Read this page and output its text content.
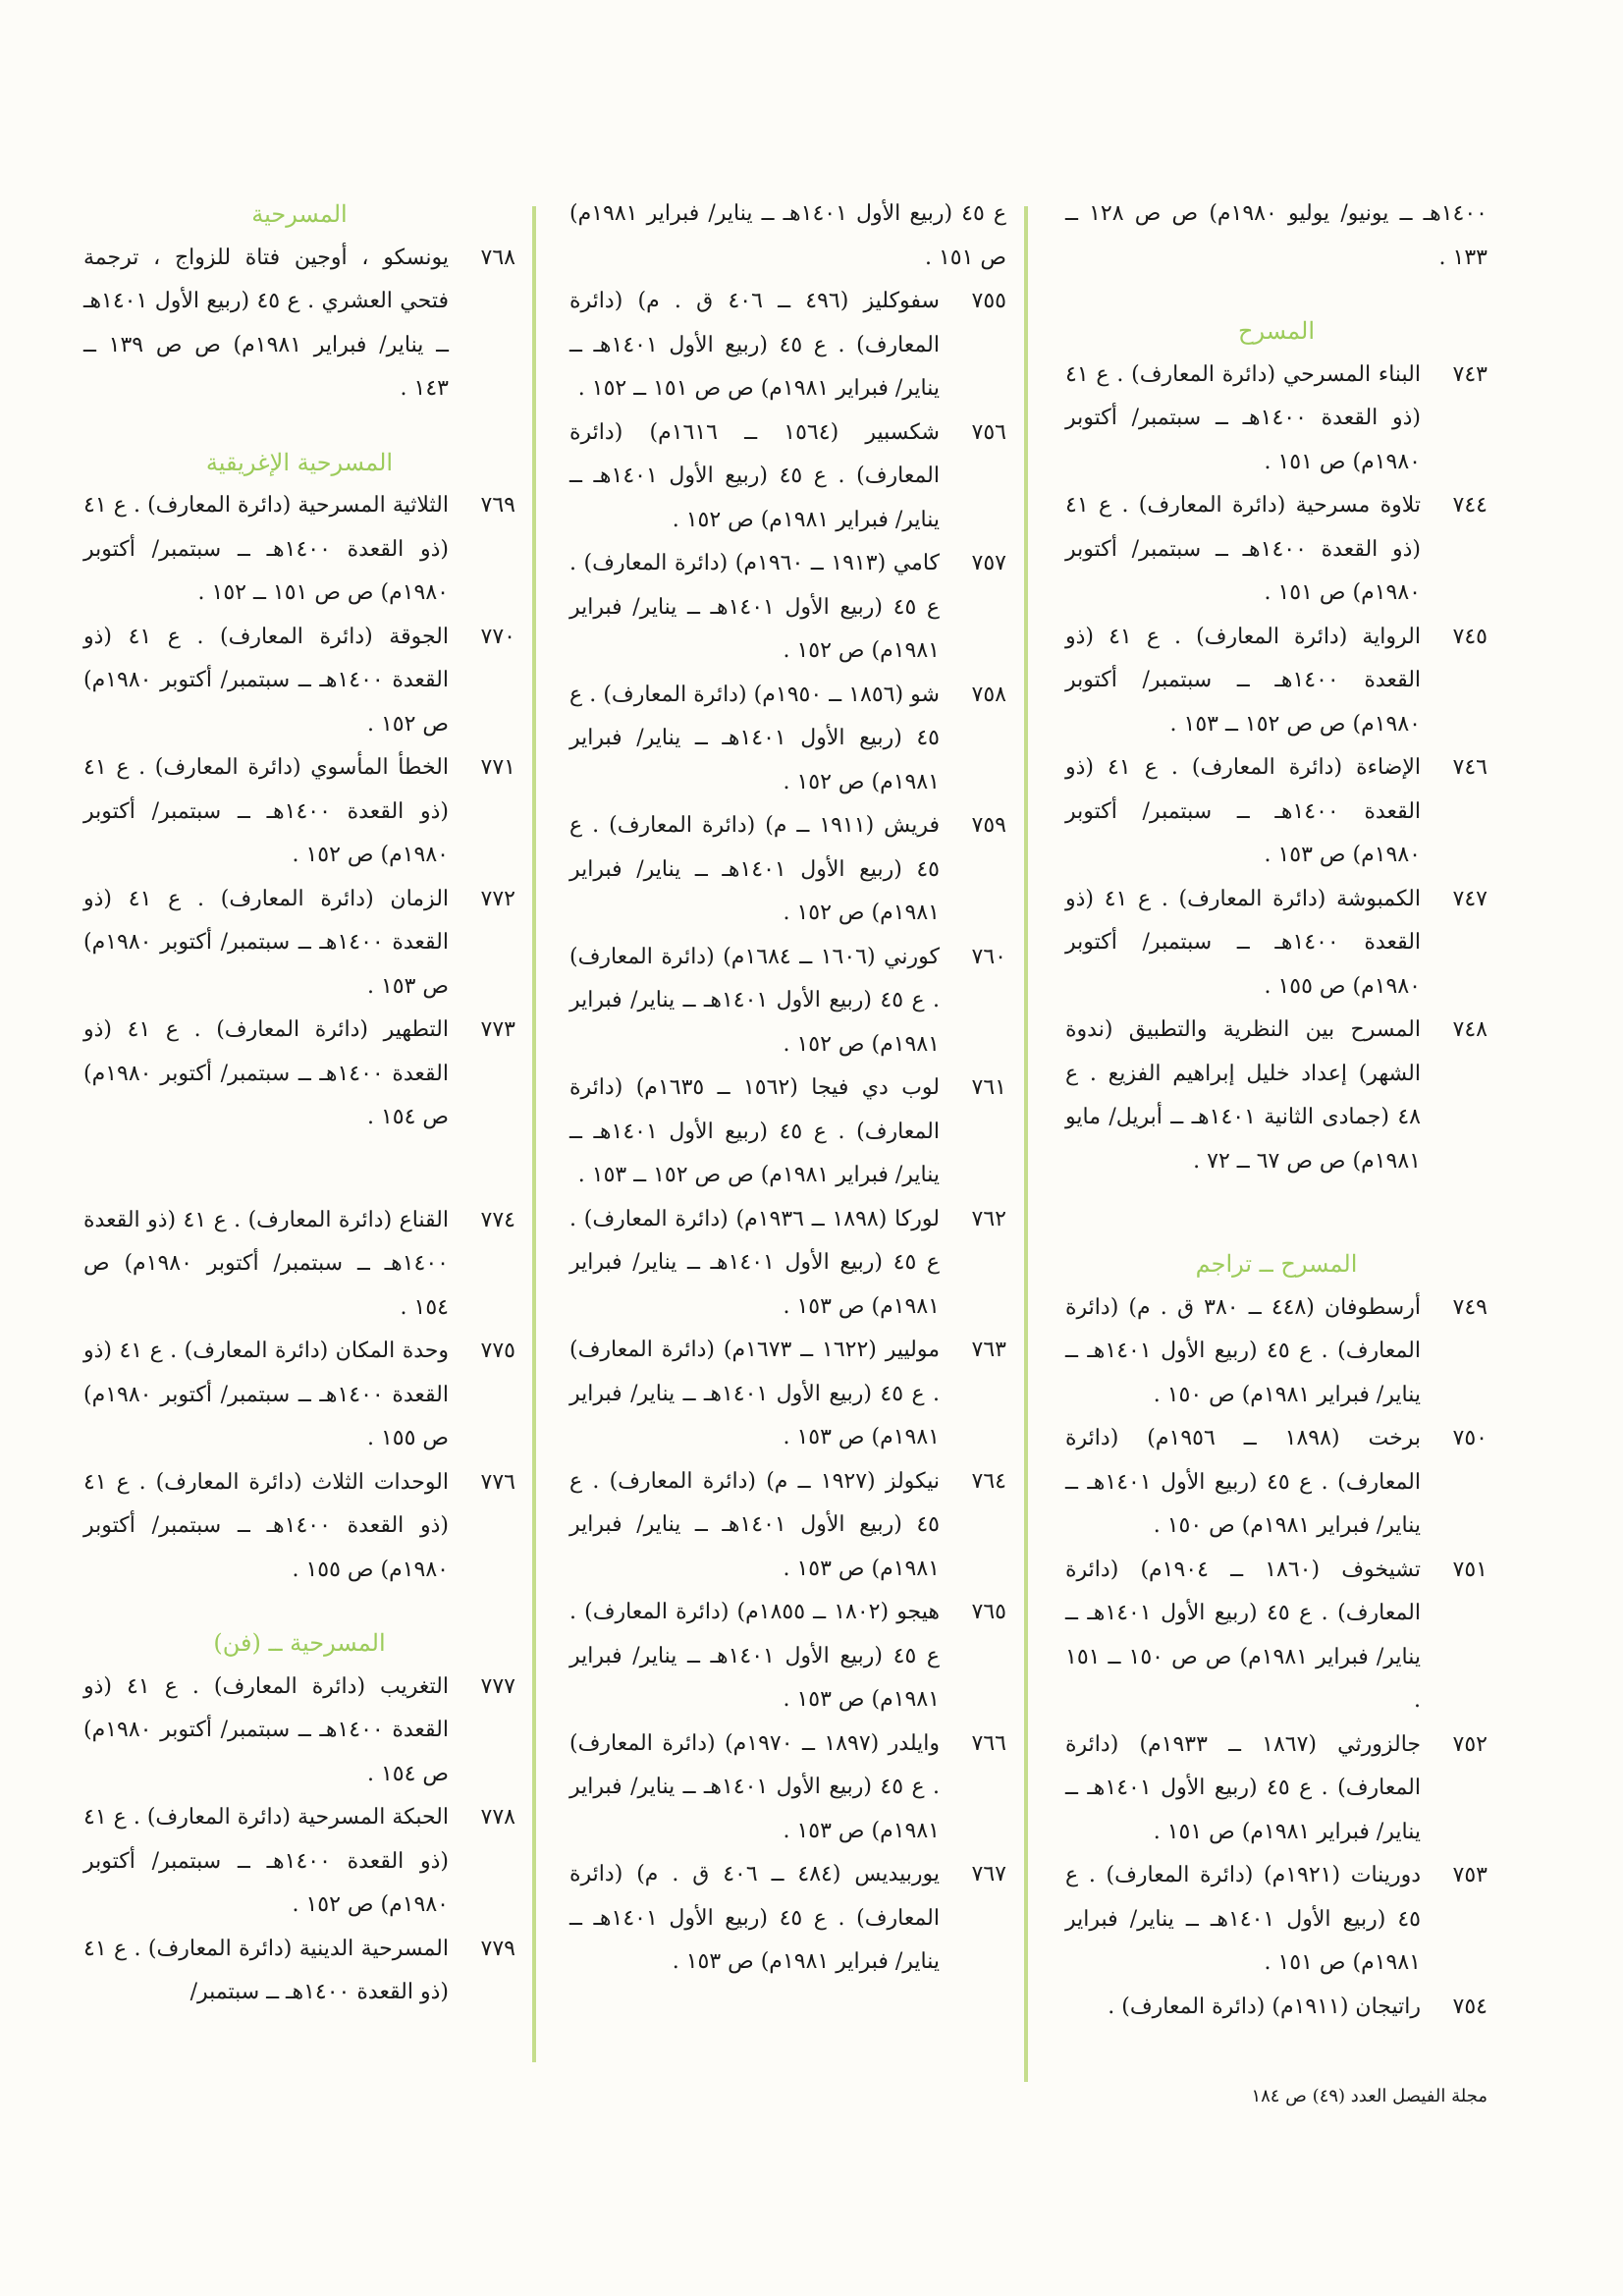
١٤٠٠هـ ــ يونيو/ يوليو ١٩٨٠م) ص ص ١٢٨ ــ ١٣٣ .
المسرح
٧٤٣
البناء المسرحي (دائرة المعارف) . ع ٤١ (ذو القعدة ١٤٠٠هـ ــ سبتمبر/ أكتوبر ١٩٨٠م) ص ١٥١ .
٧٤٤
تلاوة مسرحية (دائرة المعارف) . ع ٤١ (ذو القعدة ١٤٠٠هـ ــ سبتمبر/ أكتوبر ١٩٨٠م) ص ١٥١ .
٧٤٥
الرواية (دائرة المعارف) . ع ٤١ (ذو القعدة ١٤٠٠هـ ــ سبتمبر/ أكتوبر ١٩٨٠م) ص ص ١٥٢ ــ ١٥٣ .
٧٤٦
الإضاءة (دائرة المعارف) . ع ٤١ (ذو القعدة ١٤٠٠هـ ــ سبتمبر/ أكتوبر ١٩٨٠م) ص ١٥٣ .
٧٤٧
الكمبوشة (دائرة المعارف) . ع ٤١ (ذو القعدة ١٤٠٠هـ ــ سبتمبر/ أكتوبر ١٩٨٠م) ص ١٥٥ .
٧٤٨
المسرح بين النظرية والتطبيق (ندوة الشهر) إعداد خليل إبراهيم الفزيع . ع ٤٨ (جمادى الثانية ١٤٠١هـ ــ أبريل/ مايو ١٩٨١م) ص ص ٦٧ ــ ٧٢ .
المسرح ــ تراجم
٧٤٩
أرسطوفان (٤٤٨ ــ ٣٨٠ ق . م) (دائرة المعارف) . ع ٤٥ (ربيع الأول ١٤٠١هـ ــ يناير/ فبراير ١٩٨١م) ص ١٥٠ .
٧٥٠
برخت (١٨٩٨ ــ ١٩٥٦م) (دائرة المعارف) . ع ٤٥ (ربيع الأول ١٤٠١هـ ــ يناير/ فبراير ١٩٨١م) ص ١٥٠ .
٧٥١
تشيخوف (١٨٦٠ ــ ١٩٠٤م) (دائرة المعارف) . ع ٤٥ (ربيع الأول ١٤٠١هـ ــ يناير/ فبراير ١٩٨١م) ص ص ١٥٠ ــ ١٥١ .
٧٥٢
جالزورثي (١٨٦٧ ــ ١٩٣٣م) (دائرة المعارف) . ع ٤٥ (ربيع الأول ١٤٠١هـ ــ يناير/ فبراير ١٩٨١م) ص ١٥١ .
٧٥٣
دورينات (١٩٢١م) (دائرة المعارف) . ع ٤٥ (ربيع الأول ١٤٠١هـ ــ يناير/ فبراير ١٩٨١م) ص ١٥١ .
٧٥٤
راتيجان (١٩١١م) (دائرة المعارف) .
ع ٤٥ (ربيع الأول ١٤٠١هـ ــ يناير/ فبراير ١٩٨١م) ص ١٥١ .
٧٥٥
سفوكليز (٤٩٦ ــ ٤٠٦ ق . م) (دائرة المعارف) . ع ٤٥ (ربيع الأول ١٤٠١هـ ــ يناير/ فبراير ١٩٨١م) ص ص ١٥١ ــ ١٥٢ .
٧٥٦
شكسبير (١٥٦٤ ــ ١٦١٦م) (دائرة المعارف) . ع ٤٥ (ربيع الأول ١٤٠١هـ ــ يناير/ فبراير ١٩٨١م) ص ١٥٢ .
٧٥٧
كامي (١٩١٣ ــ ١٩٦٠م) (دائرة المعارف) . ع ٤٥ (ربيع الأول ١٤٠١هـ ــ يناير/ فبراير ١٩٨١م) ص ١٥٢ .
٧٥٨
شو (١٨٥٦ ــ ١٩٥٠م) (دائرة المعارف) . ع ٤٥ (ربيع الأول ١٤٠١هـ ــ يناير/ فبراير ١٩٨١م) ص ١٥٢ .
٧٥٩
فريش (١٩١١ ــ م) (دائرة المعارف) . ع ٤٥ (ربيع الأول ١٤٠١هـ ــ يناير/ فبراير ١٩٨١م) ص ١٥٢ .
٧٦٠
كورني (١٦٠٦ ــ ١٦٨٤م) (دائرة المعارف) . ع ٤٥ (ربيع الأول ١٤٠١هـ ــ يناير/ فبراير ١٩٨١م) ص ١٥٢ .
٧٦١
لوب دي فيجا (١٥٦٢ ــ ١٦٣٥م) (دائرة المعارف) . ع ٤٥ (ربيع الأول ١٤٠١هـ ــ يناير/ فبراير ١٩٨١م) ص ص ١٥٢ ــ ١٥٣ .
٧٦٢
لوركا (١٨٩٨ ــ ١٩٣٦م) (دائرة المعارف) . ع ٤٥ (ربيع الأول ١٤٠١هـ ــ يناير/ فبراير ١٩٨١م) ص ١٥٣ .
٧٦٣
موليير (١٦٢٢ ــ ١٦٧٣م) (دائرة المعارف) . ع ٤٥ (ربيع الأول ١٤٠١هـ ــ يناير/ فبراير ١٩٨١م) ص ١٥٣ .
٧٦٤
نيكولز (١٩٢٧ ــ م) (دائرة المعارف) . ع ٤٥ (ربيع الأول ١٤٠١هـ ــ يناير/ فبراير ١٩٨١م) ص ١٥٣ .
٧٦٥
هيجو (١٨٠٢ ــ ١٨٥٥م) (دائرة المعارف) . ع ٤٥ (ربيع الأول ١٤٠١هـ ــ يناير/ فبراير ١٩٨١م) ص ١٥٣ .
٧٦٦
وايلدر (١٨٩٧ ــ ١٩٧٠م) (دائرة المعارف) . ع ٤٥ (ربيع الأول ١٤٠١هـ ــ يناير/ فبراير ١٩٨١م) ص ١٥٣ .
٧٦٧
يوربيديس (٤٨٤ ــ ٤٠٦ ق . م) (دائرة المعارف) . ع ٤٥ (ربيع الأول ١٤٠١هـ ــ يناير/ فبراير ١٩٨١م) ص ١٥٣ .
المسرحية
٧٦٨
يونسكو ، أوجين فتاة للزواج ، ترجمة فتحي العشري . ع ٤٥ (ربيع الأول ١٤٠١هـ ــ يناير/ فبراير ١٩٨١م) ص ص ١٣٩ ــ ١٤٣ .
المسرحية الإغريقية
٧٦٩
الثلاثية المسرحية (دائرة المعارف) . ع ٤١ (ذو القعدة ١٤٠٠هـ ــ سبتمبر/ أكتوبر ١٩٨٠م) ص ص ١٥١ ــ ١٥٢ .
٧٧٠
الجوقة (دائرة المعارف) . ع ٤١ (ذو القعدة ١٤٠٠هـ ــ سبتمبر/ أكتوبر ١٩٨٠م) ص ١٥٢ .
٧٧١
الخطأ المأسوي (دائرة المعارف) . ع ٤١ (ذو القعدة ١٤٠٠هـ ــ سبتمبر/ أكتوبر ١٩٨٠م) ص ١٥٢ .
٧٧٢
الزمان (دائرة المعارف) . ع ٤١ (ذو القعدة ١٤٠٠هـ ــ سبتمبر/ أكتوبر ١٩٨٠م) ص ١٥٣ .
٧٧٣
التطهير (دائرة المعارف) . ع ٤١ (ذو القعدة ١٤٠٠هـ ــ سبتمبر/ أكتوبر ١٩٨٠م) ص ١٥٤ .
٧٧٤
القناع (دائرة المعارف) . ع ٤١ (ذو القعدة ١٤٠٠هـ ــ سبتمبر/ أكتوبر ١٩٨٠م) ص ١٥٤ .
٧٧٥
وحدة المكان (دائرة المعارف) . ع ٤١ (ذو القعدة ١٤٠٠هـ ــ سبتمبر/ أكتوبر ١٩٨٠م) ص ١٥٥ .
٧٧٦
الوحدات الثلاث (دائرة المعارف) . ع ٤١ (ذو القعدة ١٤٠٠هـ ــ سبتمبر/ أكتوبر ١٩٨٠م) ص ١٥٥ .
المسرحية ــ (فن)
٧٧٧
التغريب (دائرة المعارف) . ع ٤١ (ذو القعدة ١٤٠٠هـ ــ سبتمبر/ أكتوبر ١٩٨٠م) ص ١٥٤ .
٧٧٨
الحبكة المسرحية (دائرة المعارف) . ع ٤١ (ذو القعدة ١٤٠٠هـ ــ سبتمبر/ أكتوبر ١٩٨٠م) ص ١٥٢ .
٧٧٩
المسرحية الدينية (دائرة المعارف) . ع ٤١ (ذو القعدة ١٤٠٠هـ ــ سبتمبر/
مجلة الفيصل العدد (٤٩) ص ١٨٤
